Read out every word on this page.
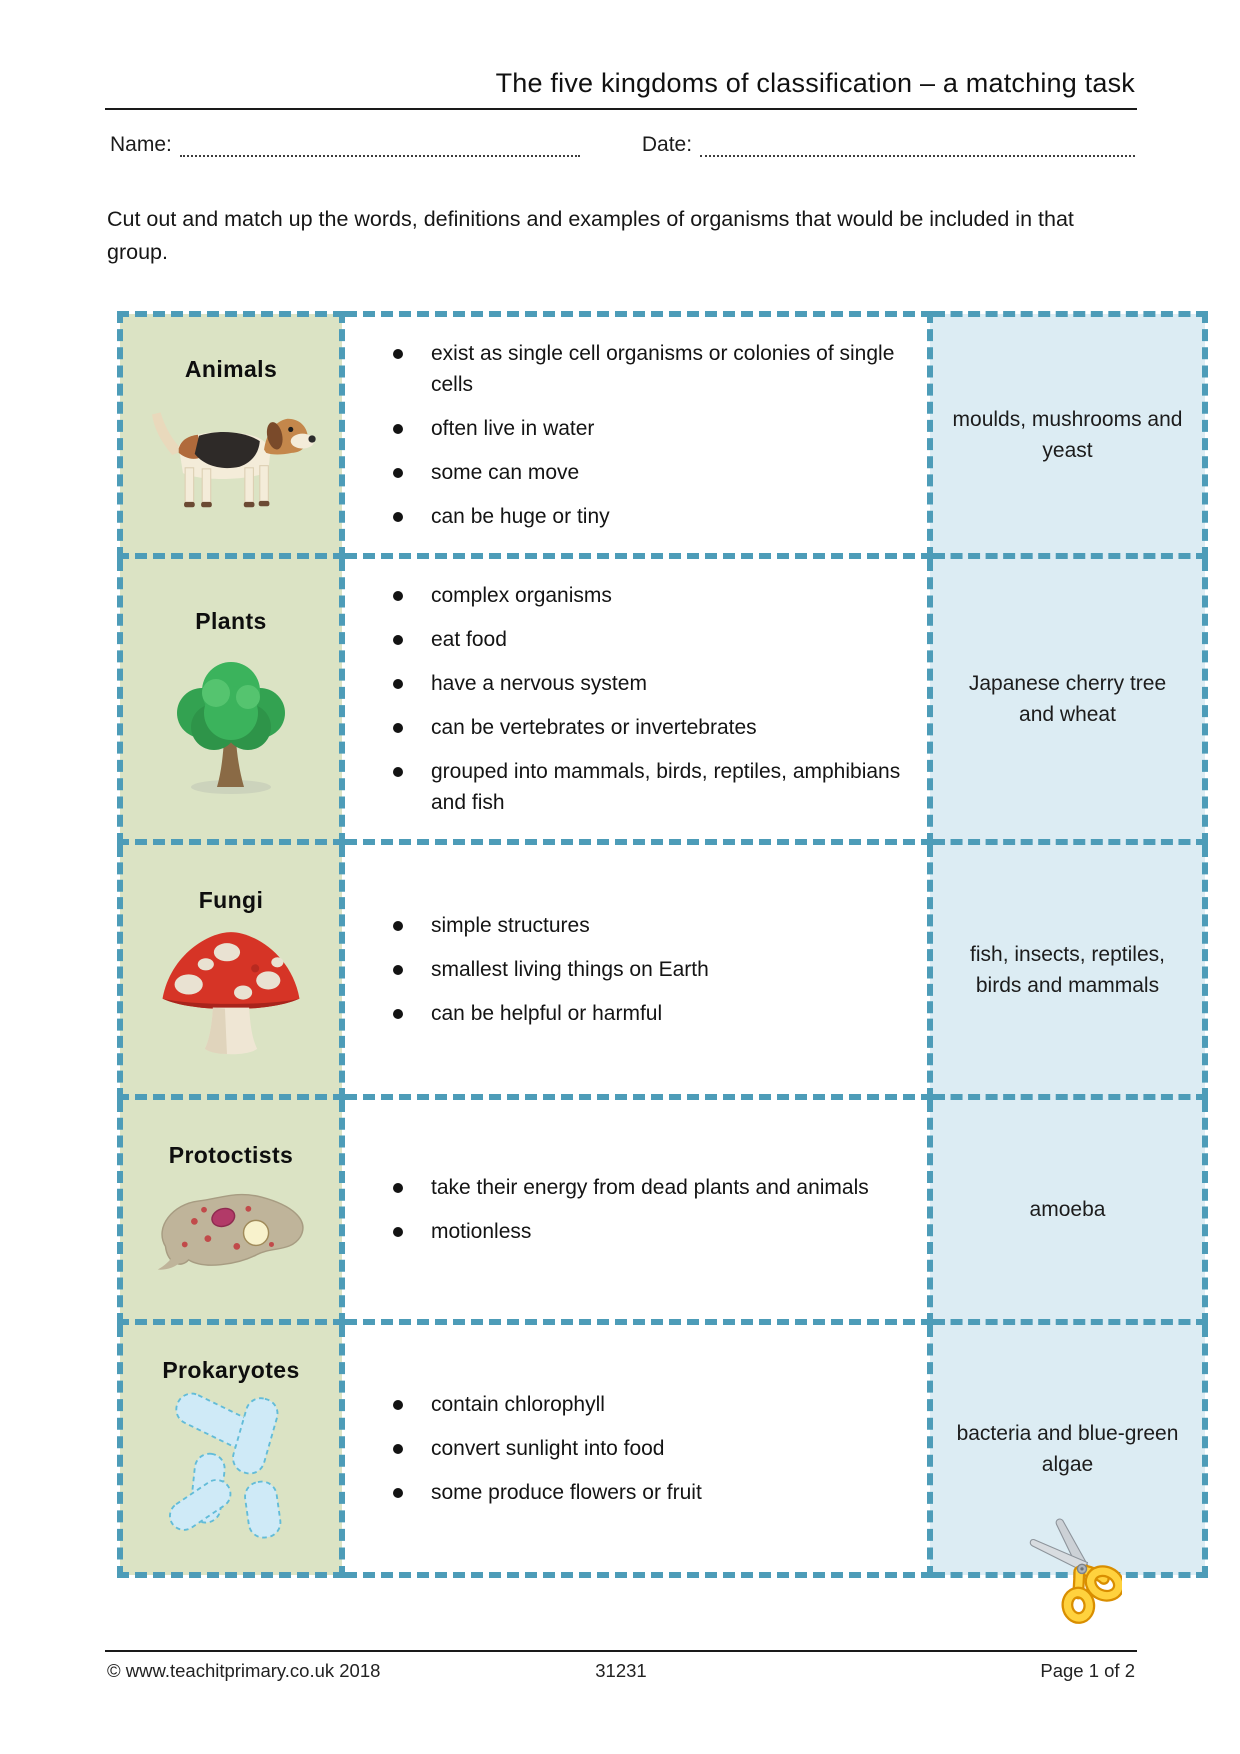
The five kingdoms of classification – a matching task
Name:	Date:
Cut out and match up the words, definitions and examples of organisms that would be included in that group.
Animals

exist as single cell organisms or colonies of single cells
often live in water
some can move
can be huge or tiny
	moulds, mushrooms and yeast

Plants

complex organisms
eat food
have a nervous system
can be vertebrates or invertebrates
grouped into mammals, birds, reptiles, amphibians and fish
	Japanese cherry tree and wheat

Fungi

simple structures
smallest living things on Earth
can be helpful or harmful
	fish, insects, reptiles, birds and mammals

Protoctists

take their energy from dead plants and animals
motionless
	amoeba

Prokaryotes

contain chlorophyll
convert sunlight into food
some produce flowers or fruit
	bacteria and blue-green algae
© www.teachitprimary.co.uk 2018	31231	Page 1 of 2
